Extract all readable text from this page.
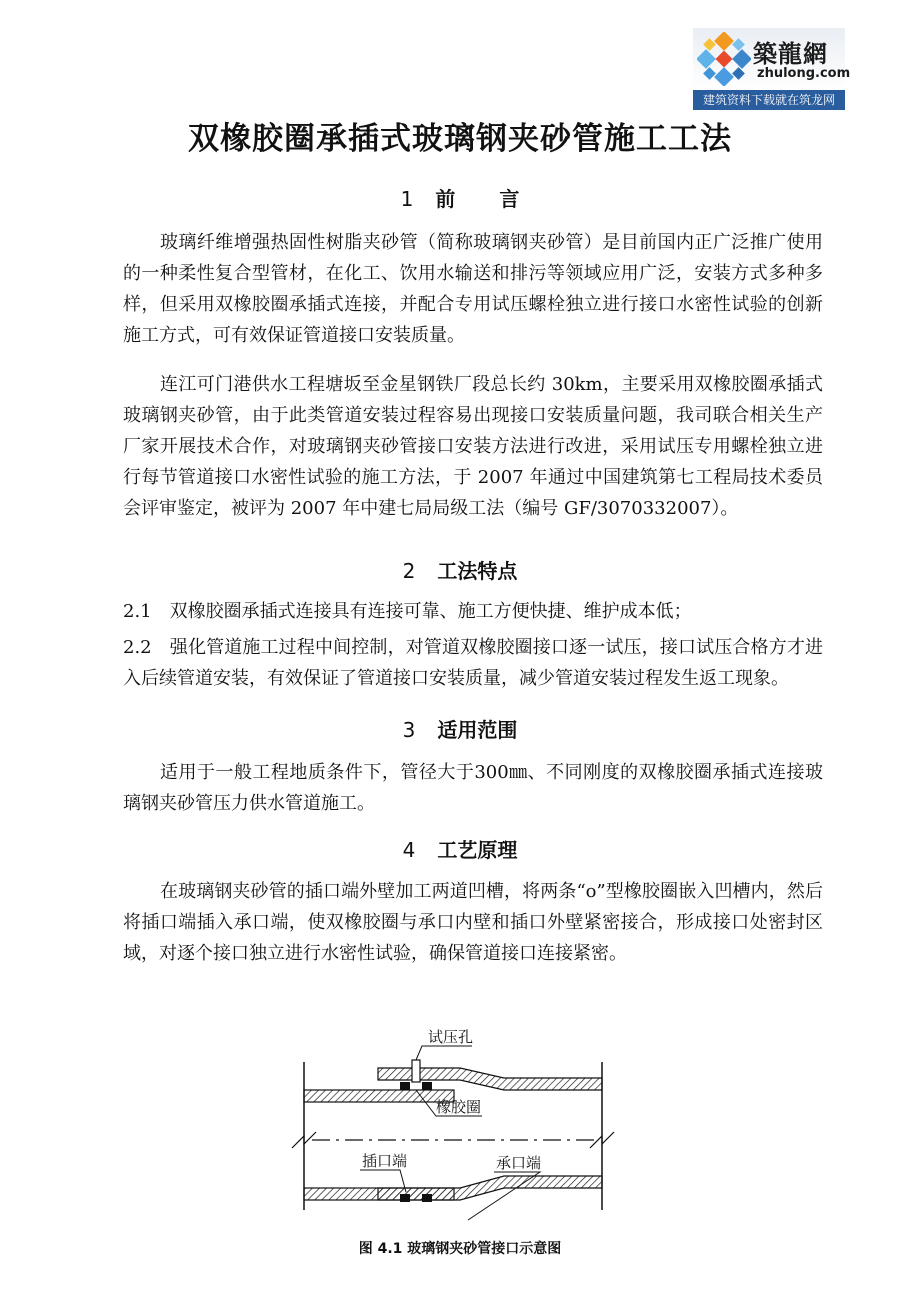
築龍網
zhulong.com
建筑资料下载就在筑龙网
双橡胶圈承插式玻璃钢夹砂管施工工法
1 前言
玻璃纤维增强热固性树脂夹砂管（简称玻璃钢夹砂管）是目前国内正广泛推广使用的一种柔性复合型管材，在化工、饮用水输送和排污等领域应用广泛，安装方式多种多样，但采用双橡胶圈承插式连接，并配合专用试压螺栓独立进行接口水密性试验的创新施工方式，可有效保证管道接口安装质量。
连江可门港供水工程塘坂至金星钢铁厂段总长约 30km，主要采用双橡胶圈承插式玻璃钢夹砂管，由于此类管道安装过程容易出现接口安装质量问题，我司联合相关生产厂家开展技术合作，对玻璃钢夹砂管接口安装方法进行改进，采用试压专用螺栓独立进行每节管道接口水密性试验的施工方法，于 2007 年通过中国建筑第七工程局技术委员会评审鉴定，被评为 2007 年中建七局局级工法（编号 GF/3070332007）。
2 工法特点
2.1 双橡胶圈承插式连接具有连接可靠、施工方便快捷、维护成本低；
2.2 强化管道施工过程中间控制，对管道双橡胶圈接口逐一试压，接口试压合格方才进入后续管道安装，有效保证了管道接口安装质量，减少管道安装过程发生返工现象。
3 适用范围
适用于一般工程地质条件下，管径大于300㎜、不同刚度的双橡胶圈承插式连接玻璃钢夹砂管压力供水管道施工。
4 工艺原理
在玻璃钢夹砂管的插口端外壁加工两道凹槽，将两条“o”型橡胶圈嵌入凹槽内，然后将插口端插入承口端，使双橡胶圈与承口内壁和插口外壁紧密接合，形成接口处密封区域，对逐个接口独立进行水密性试验，确保管道接口连接紧密。
试压孔
橡胶圈
插口端	承口端
图 4.1 玻璃钢夹砂管接口示意图
